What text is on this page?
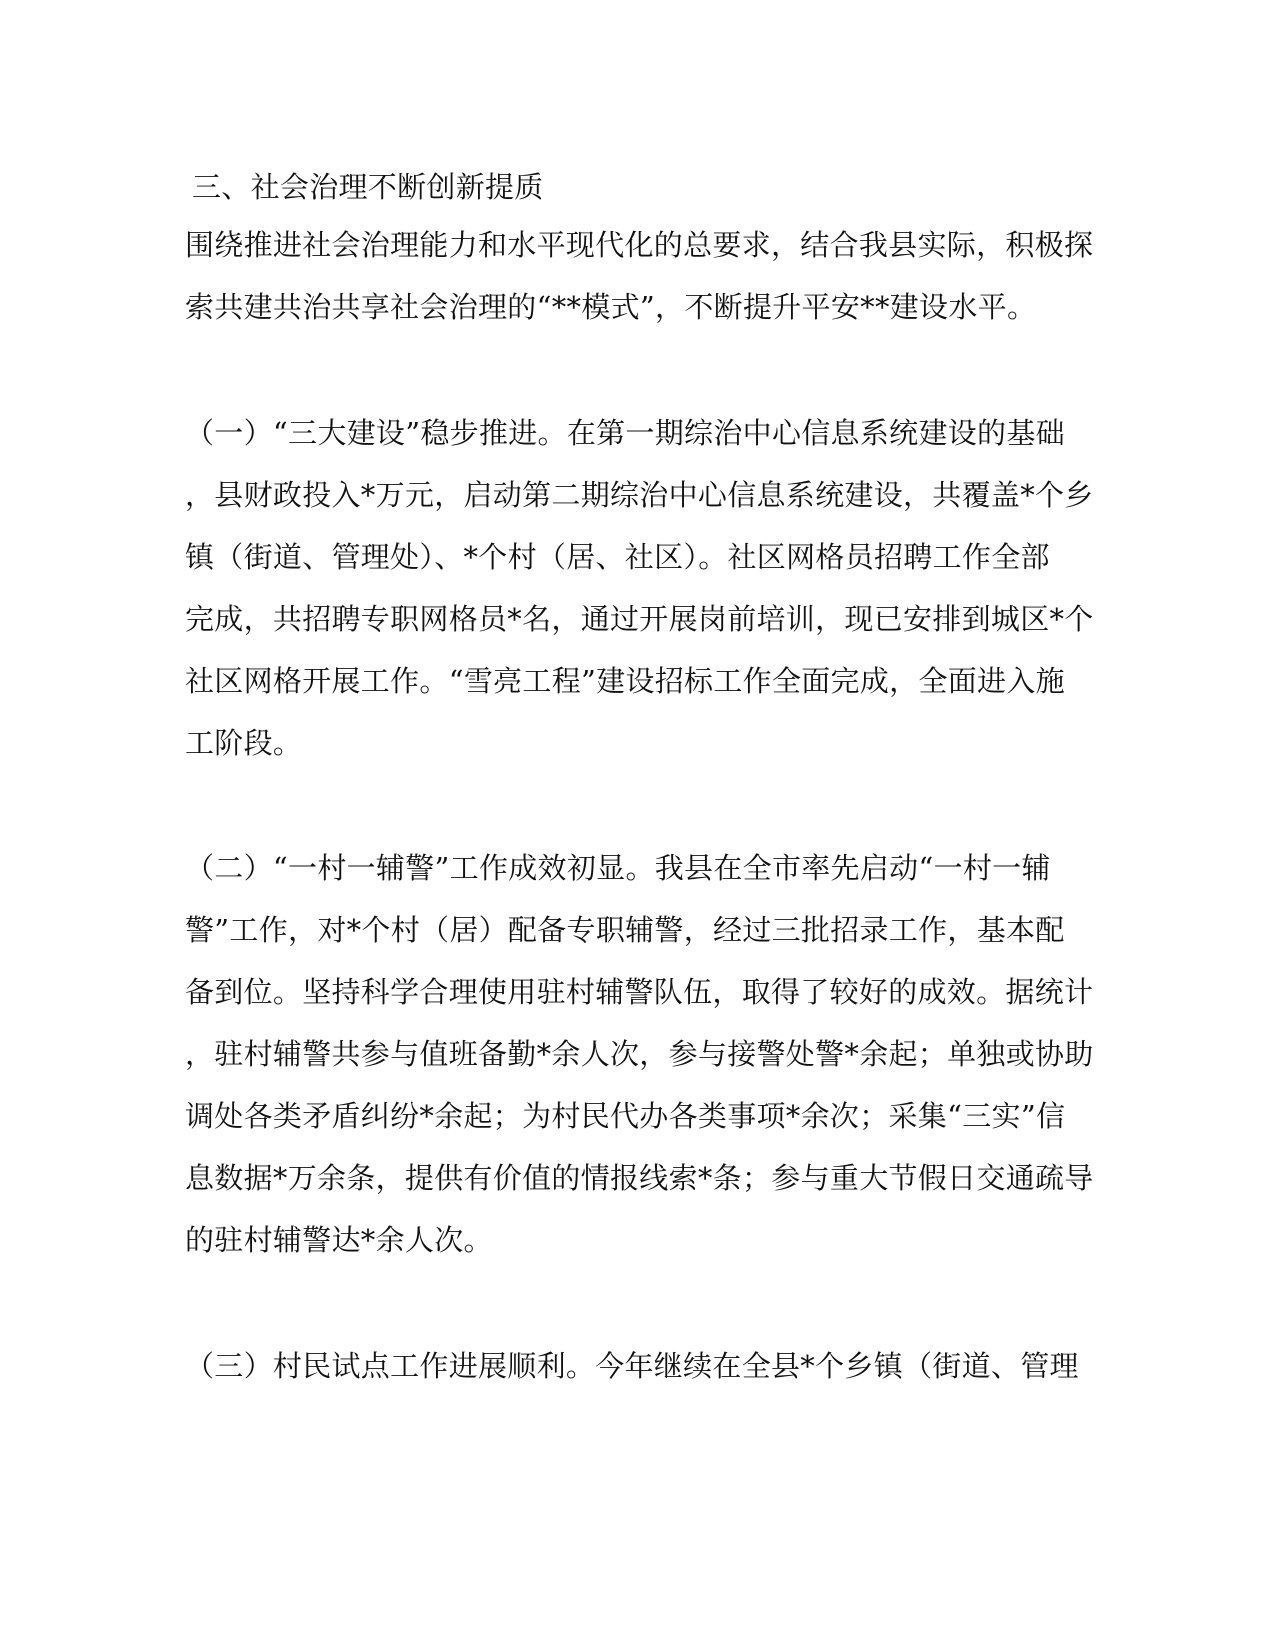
三、社会治理不断创新提质

围绕推进社会治理能力和水平现代化的总要求，结合我县实际，积极探

索共建共治共享社会治理的“**模式”，不断提升平安**建设水平。

（一）“三大建设”稳步推进。在第一期综治中心信息系统建设的基础

，县财政投入*万元，启动第二期综治中心信息系统建设，共覆盖*个乡

镇（街道、管理处）、*个村（居、社区）。社区网格员招聘工作全部

完成，共招聘专职网格员*名，通过开展岗前培训，现已安排到城区*个

社区网格开展工作。“雪亮工程”建设招标工作全面完成，全面进入施

工阶段。

（二）“一村一辅警”工作成效初显。我县在全市率先启动“一村一辅

警”工作，对*个村（居）配备专职辅警，经过三批招录工作，基本配

备到位。坚持科学合理使用驻村辅警队伍，取得了较好的成效。据统计

，驻村辅警共参与值班备勤*余人次，参与接警处警*余起；单独或协助

调处各类矛盾纠纷*余起；为村民代办各类事项*余次；采集“三实”信

息数据*万余条，提供有价值的情报线索*条；参与重大节假日交通疏导

的驻村辅警达*余人次。

（三）村民试点工作进展顺利。今年继续在全县*个乡镇（街道、管理
